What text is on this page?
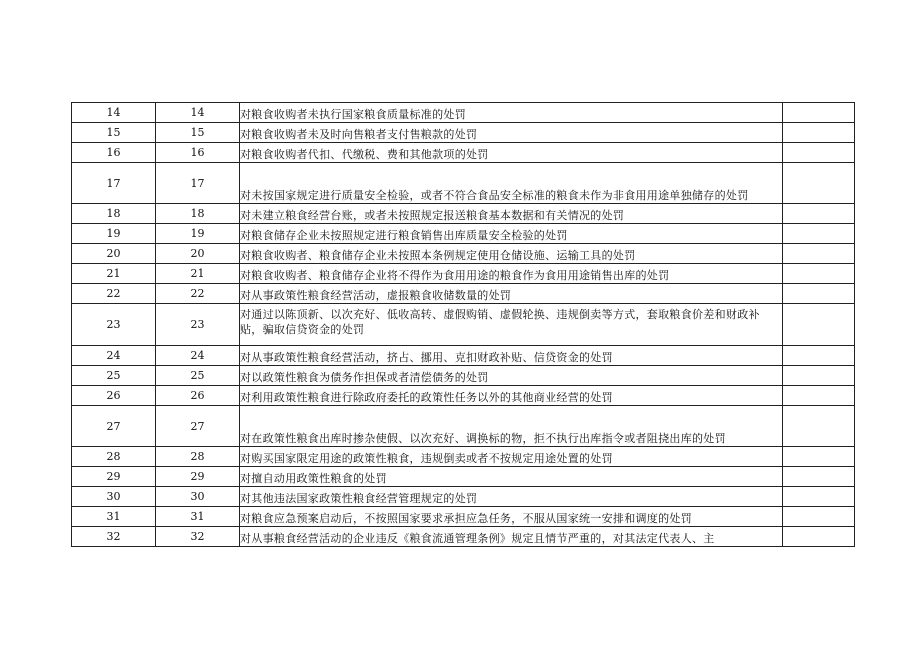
14	14	对粮食收购者未执行国家粮食质量标准的处罚	
15	15	对粮食收购者未及时向售粮者支付售粮款的处罚	
16	16	对粮食收购者代扣、代缴税、费和其他款项的处罚	
17	17	对未按国家规定进行质量安全检验，或者不符合食品安全标准的粮食未作为非食用用途单独储存的处罚	
18	18	对未建立粮食经营台账，或者未按照规定报送粮食基本数据和有关情况的处罚	
19	19	对粮食储存企业未按照规定进行粮食销售出库质量安全检验的处罚	
20	20	对粮食收购者、粮食储存企业未按照本条例规定使用仓储设施、运输工具的处罚	
21	21	对粮食收购者、粮食储存企业将不得作为食用用途的粮食作为食用用途销售出库的处罚	
22	22	对从事政策性粮食经营活动，虚报粮食收储数量的处罚	
23	23	对通过以陈顶新、以次充好、低收高转、虚假购销、虚假轮换、违规倒卖等方式，套取粮食价差和财政补贴，骗取信贷资金的处罚	
24	24	对从事政策性粮食经营活动，挤占、挪用、克扣财政补贴、信贷资金的处罚	
25	25	对以政策性粮食为债务作担保或者清偿债务的处罚	
26	26	对利用政策性粮食进行除政府委托的政策性任务以外的其他商业经营的处罚	
27	27	对在政策性粮食出库时掺杂使假、以次充好、调换标的物，拒不执行出库指令或者阻挠出库的处罚	
28	28	对购买国家限定用途的政策性粮食，违规倒卖或者不按规定用途处置的处罚	
29	29	对擅自动用政策性粮食的处罚	
30	30	对其他违法国家政策性粮食经营管理规定的处罚	
31	31	对粮食应急预案启动后，不按照国家要求承担应急任务，不服从国家统一安排和调度的处罚	
32	32	对从事粮食经营活动的企业违反《粮食流通管理条例》规定且情节严重的，对其法定代表人、主	
